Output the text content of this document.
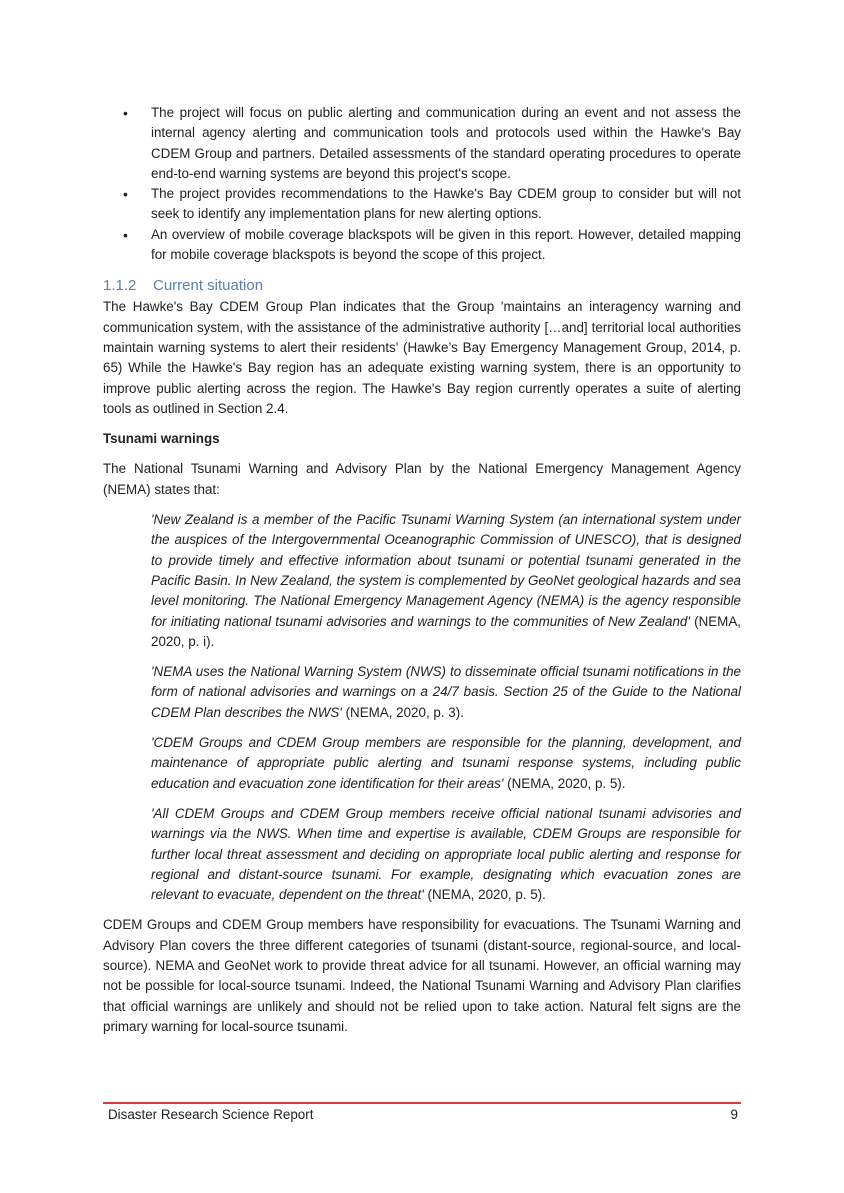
• The project will focus on public alerting and communication during an event and not assess the internal agency alerting and communication tools and protocols used within the Hawke's Bay CDEM Group and partners. Detailed assessments of the standard operating procedures to operate end-to-end warning systems are beyond this project's scope.
• The project provides recommendations to the Hawke's Bay CDEM group to consider but will not seek to identify any implementation plans for new alerting options.
• An overview of mobile coverage blackspots will be given in this report. However, detailed mapping for mobile coverage blackspots is beyond the scope of this project.
1.1.2 Current situation

The Hawke's Bay CDEM Group Plan indicates that the Group 'maintains an interagency warning and communication system, with the assistance of the administrative authority […and] territorial local authorities maintain warning systems to alert their residents' (Hawke’s Bay Emergency Management Group, 2014, p. 65) While the Hawke's Bay region has an adequate existing warning system, there is an opportunity to improve public alerting across the region. The Hawke's Bay region currently operates a suite of alerting tools as outlined in Section 2.4.

Tsunami warnings

The National Tsunami Warning and Advisory Plan by the National Emergency Management Agency (NEMA) states that:

'New Zealand is a member of the Pacific Tsunami Warning System (an international system under the auspices of the Intergovernmental Oceanographic Commission of UNESCO), that is designed to provide timely and effective information about tsunami or potential tsunami generated in the Pacific Basin. In New Zealand, the system is complemented by GeoNet geological hazards and sea level monitoring. The National Emergency Management Agency (NEMA) is the agency responsible for initiating national tsunami advisories and warnings to the communities of New Zealand' (NEMA, 2020, p. i).

'NEMA uses the National Warning System (NWS) to disseminate official tsunami notifications in the form of national advisories and warnings on a 24/7 basis. Section 25 of the Guide to the National CDEM Plan describes the NWS' (NEMA, 2020, p. 3).

'CDEM Groups and CDEM Group members are responsible for the planning, development, and maintenance of appropriate public alerting and tsunami response systems, including public education and evacuation zone identification for their areas' (NEMA, 2020, p. 5).

'All CDEM Groups and CDEM Group members receive official national tsunami advisories and warnings via the NWS. When time and expertise is available, CDEM Groups are responsible for further local threat assessment and deciding on appropriate local public alerting and response for regional and distant-source tsunami. For example, designating which evacuation zones are relevant to evacuate, dependent on the threat' (NEMA, 2020, p. 5).

CDEM Groups and CDEM Group members have responsibility for evacuations. The Tsunami Warning and Advisory Plan covers the three different categories of tsunami (distant-source, regional-source, and local-source). NEMA and GeoNet work to provide threat advice for all tsunami. However, an official warning may not be possible for local-source tsunami. Indeed, the National Tsunami Warning and Advisory Plan clarifies that official warnings are unlikely and should not be relied upon to take action. Natural felt signs are the primary warning for local-source tsunami.

Disaster Research Science Report	9
